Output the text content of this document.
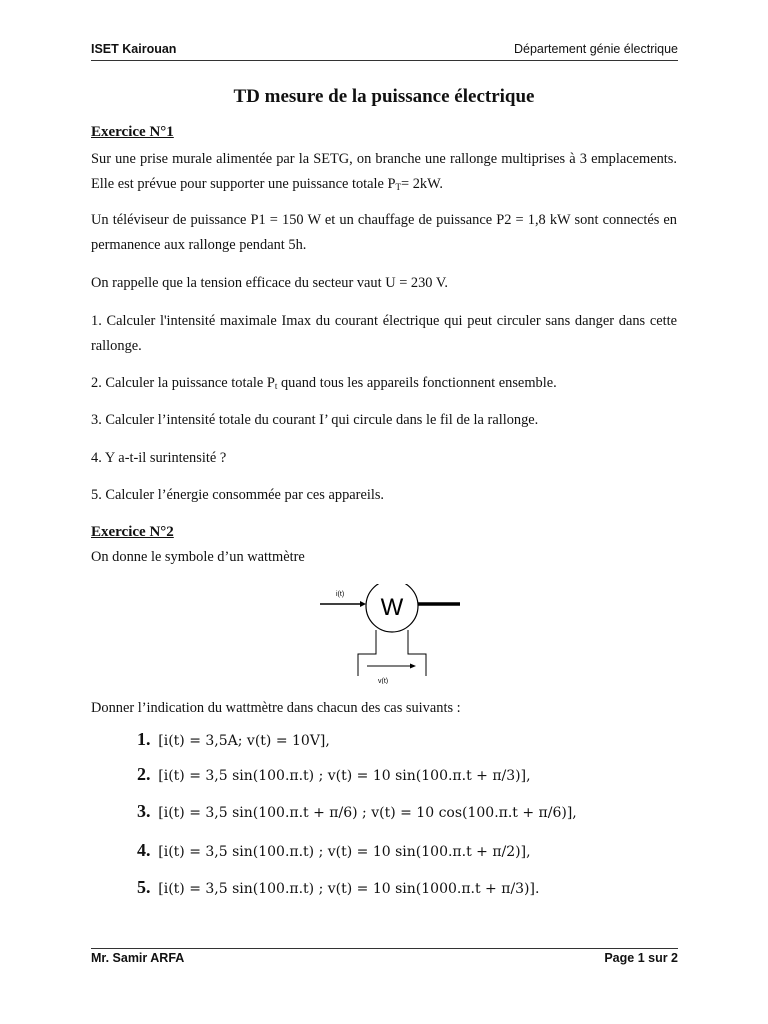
ISET Kairouan	Département génie électrique
TD mesure de la puissance électrique
Exercice N°1
Sur une prise murale alimentée par la SETG, on branche une rallonge multiprises à 3 emplacements. Elle est prévue pour supporter une puissance totale $P_T= 2kW$.
Un téléviseur de puissance P1 = 150 W et un chauffage de puissance P2 = 1,8 kW sont connectés en permanence aux rallonge pendant 5h.
On rappelle que la tension efficace du secteur vaut U = 230 V.
1. Calculer l'intensité maximale Imax du courant électrique qui peut circuler sans danger dans cette rallonge.
2. Calculer la puissance totale $P_t$ quand tous les appareils fonctionnent ensemble.
3. Calculer l’intensité totale du courant I’ qui circule dans le fil de la rallonge.
4. Y a-t-il surintensité ?
5. Calculer l’énergie consommée par ces appareils.
Exercice N°2
On donne le symbole d’un wattmètre
W
i(t)
v(t)
Donner l’indication du wattmètre dans chacun des cas suivants :
1. [i(t) = 3,5A; v(t) = 10V],
2. [i(t) = 3,5 sin(100.π.t) ; v(t) = 10 sin(100.π.t + π/3)],
3. [i(t) = 3,5 sin(100.π.t + π/6) ; v(t) = 10 cos(100.π.t + π/6)],
4. [i(t) = 3,5 sin(100.π.t) ; v(t) = 10 sin(100.π.t + π/2)],
5. [i(t) = 3,5 sin(100.π.t) ; v(t) = 10 sin(1000.π.t + π/3)].
Mr. Samir ARFA	Page 1 sur 2
